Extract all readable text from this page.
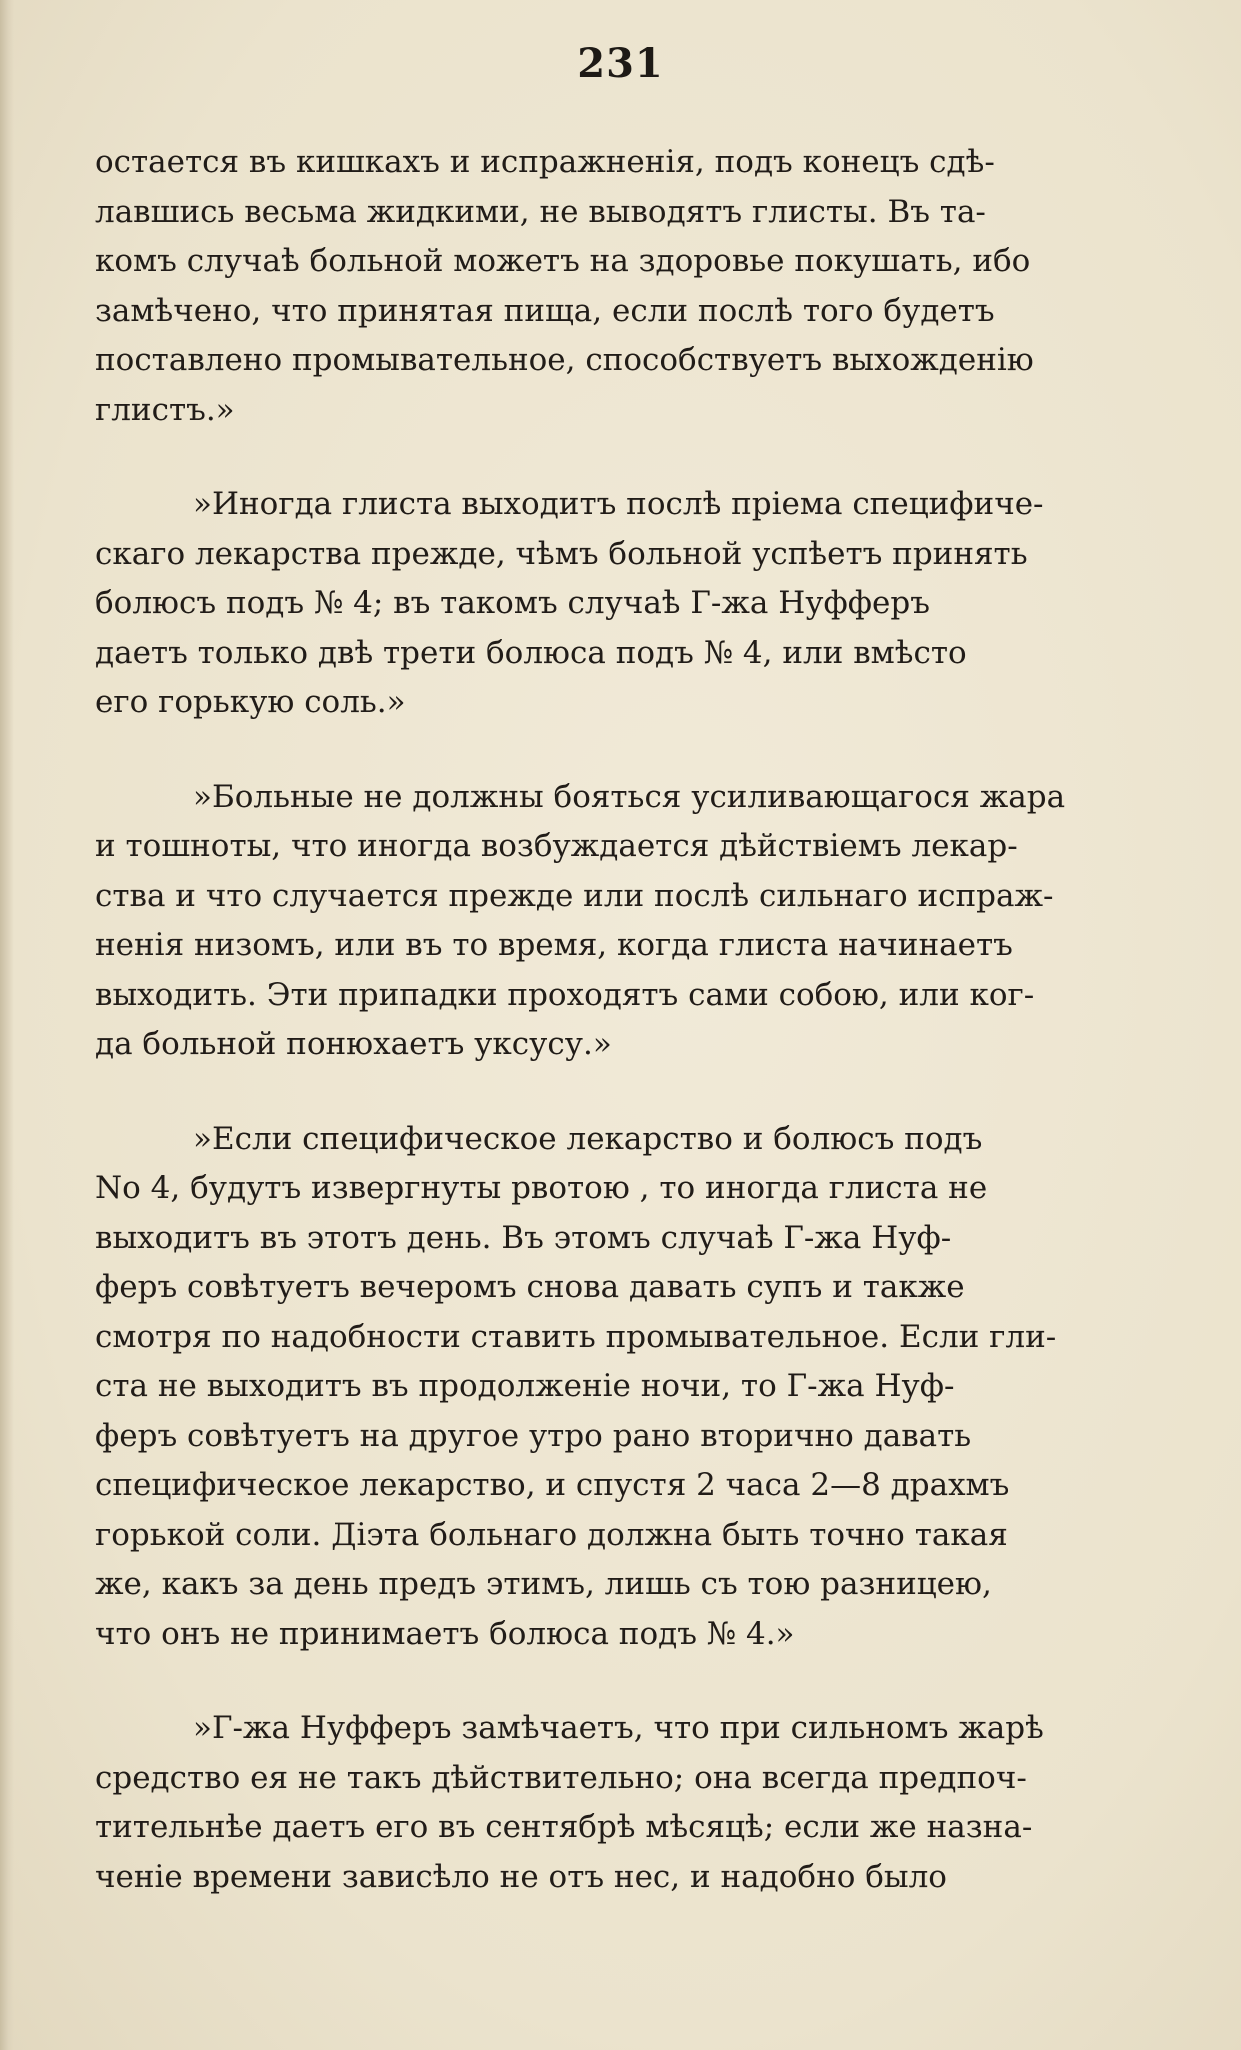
231

остается въ кишкахъ и испражненія, подъ конецъ сдѣ-
лавшись весьма жидкими, не выводятъ глисты. Въ та-
комъ случаѣ больной можетъ на здоровье покушать, ибо
замѣчено, что принятая пища, если послѣ того будетъ
поставлено промывательное, способствуетъ выхожденію
глистъ.»

»Иногда глиста выходитъ послѣ пріема специфиче-
скаго лекарства прежде, чѣмъ больной успѣетъ принять
болюсъ подъ № 4; въ такомъ случаѣ Г-жа Нуфферъ
даетъ только двѣ трети болюса подъ № 4, или вмѣсто
его горькую соль.»

»Больные не должны бояться усиливающагося жара
и тошноты, что иногда возбуждается дѣйствіемъ лекар-
ства и что случается прежде или послѣ сильнаго испраж-
ненія низомъ, или въ то время, когда глиста начинаетъ
выходить. Эти припадки проходятъ сами собою, или ког-
да больной понюхаетъ уксусу.»

»Если специфическое лекарство и болюсъ подъ
No 4, будутъ извергнуты рвотою , то иногда глиста не
выходитъ въ этотъ день. Въ этомъ случаѣ Г-жа Нуф-
феръ совѣтуетъ вечеромъ снова давать супъ и также
смотря по надобности ставить промывательное. Если гли-
ста не выходитъ въ продолженіе ночи, то Г-жа Нуф-
феръ совѣтуетъ на другое утро рано вторично давать
специфическое лекарство, и спустя 2 часа 2—8 драхмъ
горькой соли. Діэта больнаго должна быть точно такая
же, какъ за день предъ этимъ, лишь съ тою разницею,
что онъ не принимаетъ болюса подъ № 4.»

»Г-жа Нуфферъ замѣчаетъ, что при сильномъ жарѣ
средство ея не такъ дѣйствительно; она всегда предпоч-
тительнѣе даетъ его въ сентябрѣ мѣсяцѣ; если же назна-
ченіе времени зависѣло не отъ нес, и надобно было
